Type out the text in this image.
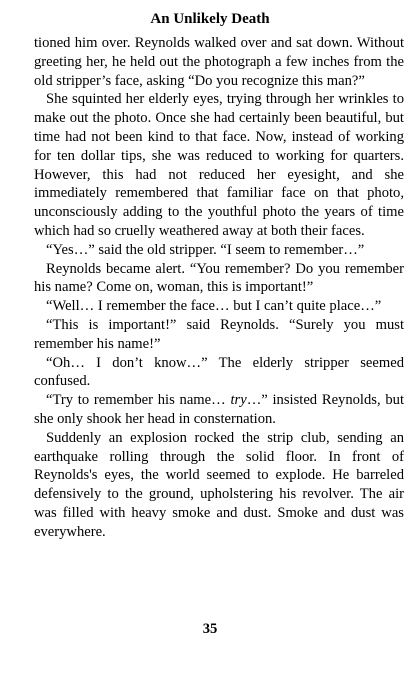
An Unlikely Death

tioned him over. Reynolds walked over and sat down. Without greeting her, he held out the photograph a few inches from the old stripper’s face, asking “Do you recognize this man?”

She squinted her elderly eyes, trying through her wrinkles to make out the photo. Once she had certainly been beautiful, but time had not been kind to that face. Now, instead of working for ten dollar tips, she was reduced to working for quarters. However, this had not reduced her eyesight, and she immediately remembered that familiar face on that photo, unconsciously adding to the youthful photo the years of time which had so cruelly weathered away at both their faces.

“Yes…” said the old stripper. “I seem to remember…”

Reynolds became alert. “You remember? Do you remember his name? Come on, woman, this is important!”

“Well… I remember the face… but I can’t quite place…”

“This is important!” said Reynolds. “Surely you must remember his name!”

“Oh… I don’t know…” The elderly stripper seemed confused.

“Try to remember his name… try…” insisted Reynolds, but she only shook her head in consternation.

Suddenly an explosion rocked the strip club, sending an earthquake rolling through the solid floor. In front of Reynolds's eyes, the world seemed to explode. He barreled defensively to the ground, upholstering his revolver. The air was filled with heavy smoke and dust. Smoke and dust was everywhere.

35
